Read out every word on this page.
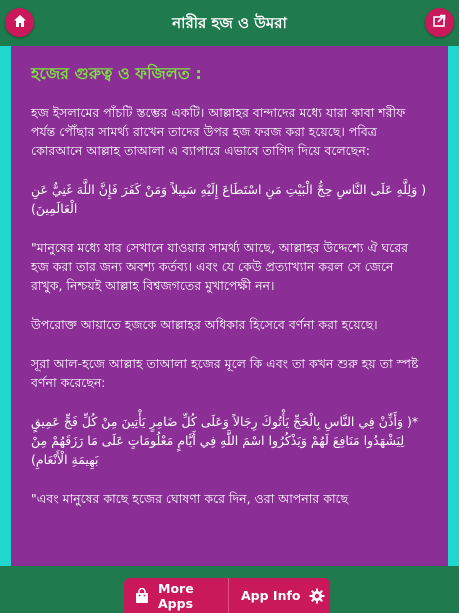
নারীর হজ ও উমরা
হজের গুরুত্ব ও ফজিলত :
হজ ইসলামের পাঁচটি স্তম্ভের একটি। আল্লাহর বান্দাদের মধ্যে যারা কাবা শরীফ পর্যন্ত পৌঁছার সামর্থ্য রাখেন তাদের উপর হজ ফরজ করা হয়েছে। পবিত্র কোরআনে আল্লাহ তাআলা এ ব্যাপারে এভাবে তাগিদ দিয়ে বলেছেন:
( وَلِلَّهِ عَلَى النَّاسِ حِجُّ الْبَيْتِ مَنِ اسْتَطَاعَ إِلَيْهِ سَبِيلاً وَمَنْ كَفَرَ فَإِنَّ اللَّهَ غَنِيٌّ عَنِ الْعَالَمِينَ)
"মানুষের মধ্যে যার সেখানে যাওয়ার সামর্থ্য আছে, আল্লাহর উদ্দেশ্যে ঐ ঘরের হজ করা তার জন্য অবশ্য কর্তব্য। এবং যে কেউ প্রত্যাখ্যান করল সে জেনে রাখুক, নিশ্চয়ই আল্লাহ বিশ্বজগতের মুখাপেক্ষী নন।
উপরোক্ত আয়াতে হজকে আল্লাহর অধিকার হিসেবে বর্ণনা করা হয়েছে।
সূরা আল-হজে আল্লাহ তাআলা হজের মূলে কি এবং তা কখন শুরু হয় তা স্পষ্ট বর্ণনা করেছেন:
*( وَأَذِّنْ فِي النَّاسِ بِالْحَجِّ يَأْتُوكَ رِجَالاً وَعَلَى كُلِّ ضَامِرٍ يَأْتِينَ مِنْ كُلِّ فَجٍّ عَمِيقٍ لِيَشْهَدُوا مَنَافِعَ لَهُمْ وَيَذْكُرُوا اسْمَ اللَّهِ فِي أَيَّامٍ مَعْلُومَاتٍ عَلَى مَا رَزَقَهُمْ مِنْ بَهِيمَةِ الْأَنْعَامِ)
"এবং মানুষের কাছে হজের ঘোষণা করে দিন, ওরা আপনার কাছে
More Apps	App Info
